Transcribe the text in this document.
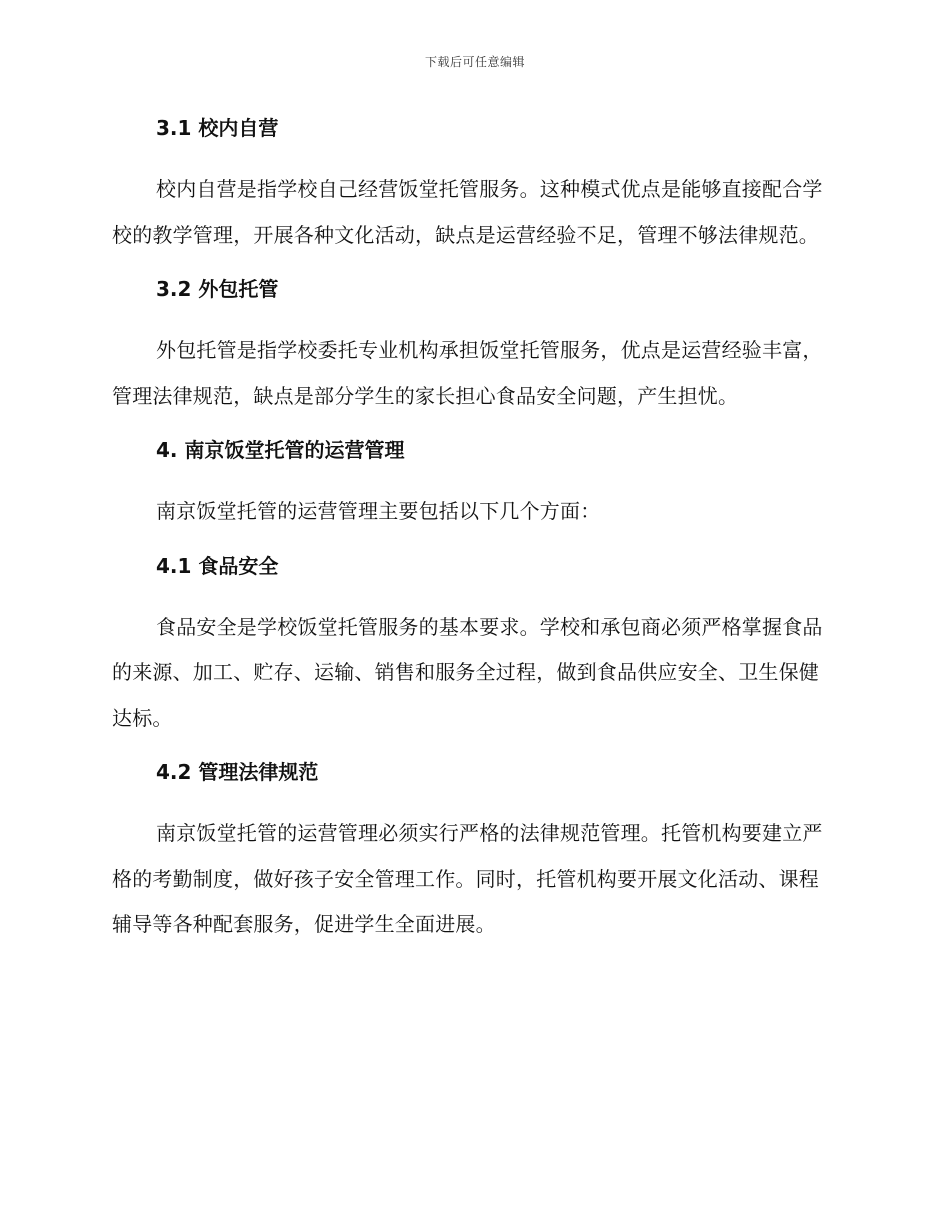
下载后可任意编辑
3.1 校内自营

校内自营是指学校自己经营饭堂托管服务。这种模式优点是能够直接配合学校的教学管理，开展各种文化活动，缺点是运营经验不足，管理不够法律规范。

3.2 外包托管

外包托管是指学校委托专业机构承担饭堂托管服务，优点是运营经验丰富，管理法律规范，缺点是部分学生的家长担心食品安全问题，产生担忧。

4. 南京饭堂托管的运营管理

南京饭堂托管的运营管理主要包括以下几个方面：

4.1 食品安全

食品安全是学校饭堂托管服务的基本要求。学校和承包商必须严格掌握食品的来源、加工、贮存、运输、销售和服务全过程，做到食品供应安全、卫生保健达标。

4.2 管理法律规范

南京饭堂托管的运营管理必须实行严格的法律规范管理。托管机构要建立严格的考勤制度，做好孩子安全管理工作。同时，托管机构要开展文化活动、课程辅导等各种配套服务，促进学生全面进展。
